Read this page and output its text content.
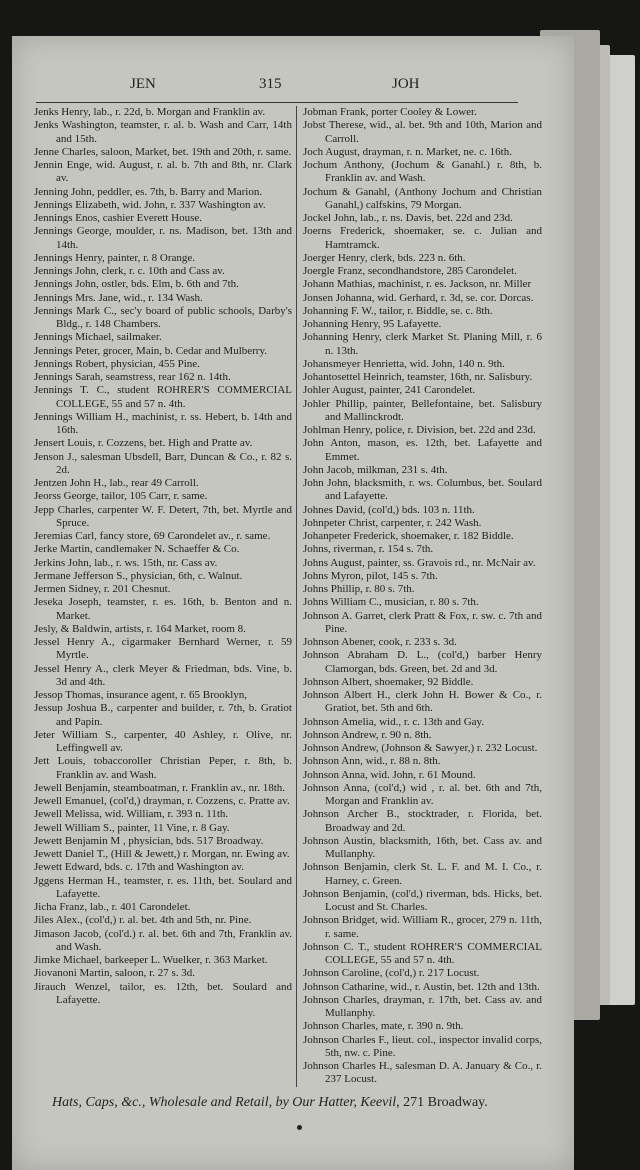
JEN	315	JOH
Jenks Henry, lab., r. 22d, b. Morgan and Franklin av.
Jenks Washington, teamster, r. al. b. Wash and Carr, 14th and 15th.
Jenne Charles, saloon, Market, bet. 19th and 20th, r. same.
Jennin Enge, wid. August, r. al. b. 7th and 8th, nr. Clark av.
Jenning John, peddler, es. 7th, b. Barry and Marion.
Jennings Elizabeth, wid. John, r. 337 Washington av.
Jennings Enos, cashier Everett House.
Jennings George, moulder, r. ns. Madison, bet. 13th and 14th.
Jennings Henry, painter, r. 8 Orange.
Jennings John, clerk, r. c. 10th and Cass av.
Jennings John, ostler, bds. Elm, b. 6th and 7th.
Jennings Mrs. Jane, wid., r. 134 Wash.
Jennings Mark C., sec'y board of public schools, Darby's Bldg., r. 148 Chambers.
Jennings Michael, sailmaker.
Jennings Peter, grocer, Main, b. Cedar and Mulberry.
Jennings Robert, physician, 455 Pine.
Jennings Sarah, seamstress, rear 162 n. 14th.
Jennings T. C., student ROHRER'S COMMERCIAL COLLEGE, 55 and 57 n. 4th.
Jennings William H., machinist, r. ss. Hebert, b. 14th and 16th.
Jensert Louis, r. Cozzens, bet. High and Pratte av.
Jenson J., salesman Ubsdell, Barr, Duncan & Co., r. 82 s. 2d.
Jentzen John H., lab., rear 49 Carroll.
Jeorss George, tailor, 105 Carr, r. same.
Jepp Charles, carpenter W. F. Detert, 7th, bet. Myrtle and Spruce.
Jeremias Carl, fancy store, 69 Carondelet av., r. same.
Jerke Martin, candlemaker N. Schaeffer & Co.
Jerkins John, lab., r. ws. 15th, nr. Cass av.
Jermane Jefferson S., physician, 6th, c. Walnut.
Jermen Sidney, r. 201 Chesnut.
Jeseka Joseph, teamster, r. es. 16th, b. Benton and n. Market.
Jesly, & Baldwin, artists, r. 164 Market, room 8.
Jessel Henry A., cigarmaker Bernhard Werner, r. 59 Myrtle.
Jessel Henry A., clerk Meyer & Friedman, bds. Vine, b. 3d and 4th.
Jessop Thomas, insurance agent, r. 65 Brooklyn,
Jessup Joshua B., carpenter and builder, r. 7th, b. Gratiot and Papin.
Jeter William S., carpenter, 40 Ashley, r. Olive, nr. Leffingwell av.
Jett Louis, tobaccoroller Christian Peper, r. 8th, b. Franklin av. and Wash.
Jewell Benjamin, steamboatman, r. Franklin av., nr. 18th.
Jewell Emanuel, (col'd,) drayman, r. Cozzens, c. Pratte av.
Jewell Melissa, wid. William, r. 393 n. 11th.
Jewell William S., painter, 11 Vine, r. 8 Gay.
Jewett Benjamin M , physician, bds. 517 Broadway.
Jewett Daniel T., (Hill & Jewett,) r. Morgan, nr. Ewing av.
Jewett Edward, bds. c. 17th and Washington av.
Jggens Herman H., teamster, r. es. 11th, bet. Soulard and Lafayette.
Jicha Franz, lab., r. 401 Carondelet.
Jiles Alex., (col'd,) r. al. bet. 4th and 5th, nr. Pine.
Jimason Jacob, (col'd.) r. al. bet. 6th and 7th, Franklin av. and Wash.
Jimke Michael, barkeeper L. Wuelker, r. 363 Market.
Jiovanoni Martin, saloon, r. 27 s. 3d.
Jirauch Wenzel, tailor, es. 12th, bet. Soulard and Lafayette.
Jobman Frank, porter Cooley & Lower.
Jobst Therese, wid., al. bet. 9th and 10th, Marion and Carroll.
Joch August, drayman, r. n. Market, ne. c. 16th.
Jochum Anthony, (Jochum & Ganahl.) r. 8th, b. Franklin av. and Wash.
Jochum & Ganahl, (Anthony Jochum and Christian Ganahl,) calfskins, 79 Morgan.
Jockel John, lab., r. ns. Davis, bet. 22d and 23d.
Joerns Frederick, shoemaker, se. c. Julian and Hamtramck.
Joerger Henry, clerk, bds. 223 n. 6th.
Joergle Franz, secondhandstore, 285 Carondelet.
Johann Mathias, machinist, r. es. Jackson, nr. Miller
Jonsen Johanna, wid. Gerhard, r. 3d, se. cor. Dorcas.
Johanning F. W., tailor, r. Biddle, se. c. 8th.
Johanning Henry, 95 Lafayette.
Johanning Henry, clerk Market St. Planing Mill, r. 6 n. 13th.
Johansmeyer Henrietta, wid. John, 140 n. 9th.
Johantosettel Heinrich, teamster, 16th, nr. Salisbury.
Johler August, painter, 241 Carondelet.
Johler Phillip, painter, Bellefontaine, bet. Salisbury and Mallinckrodt.
Johlman Henry, police, r. Division, bet. 22d and 23d.
John Anton, mason, es. 12th, bet. Lafayette and Emmet.
John Jacob, milkman, 231 s. 4th.
John John, blacksmith, r. ws. Columbus, bet. Soulard and Lafayette.
Johnes David, (col'd,) bds. 103 n. 11th.
Johnpeter Christ, carpenter, r. 242 Wash.
Johanpeter Frederick, shoemaker, r. 182 Biddle.
Johns, riverman, r. 154 s. 7th.
Johns August, painter, ss. Gravois rd., nr. McNair av.
Johns Myron, pilot, 145 s. 7th.
Johns Phillip, r. 80 s. 7th.
Johns William C., musician, r. 80 s. 7th.
Johnson A. Garret, clerk Pratt & Fox, r. sw. c. 7th and Pine.
Johnson Abener, cook, r. 233 s. 3d.
Johnson Abraham D. L., (col'd,) barber Henry Clamorgan, bds. Green, bet. 2d and 3d.
Johnson Albert, shoemaker, 92 Biddle.
Johnson Albert H., clerk John H. Bower & Co., r. Gratiot, bet. 5th and 6th.
Johnson Amelia, wid., r. c. 13th and Gay.
Johnson Andrew, r. 90 n. 8th.
Johnson Andrew, (Johnson & Sawyer,) r. 232 Locust.
Johnson Ann, wid., r. 88 n. 8th.
Johnson Anna, wid. John, r. 61 Mound.
Johnson Anna, (col'd,) wid , r. al. bet. 6th and 7th, Morgan and Franklin av.
Johnson Archer B., stocktrader, r. Florida, bet. Broadway and 2d.
Johnson Austin, blacksmith, 16th, bet. Cass av. and Mullanphy.
Johnson Benjamin, clerk St. L. F. and M. I. Co., r. Harney, c. Green.
Johnson Benjamin, (col'd,) riverman, bds. Hicks, bet. Locust and St. Charles.
Johnson Bridget, wid. William R., grocer, 279 n. 11th, r. same.
Johnson C. T., student ROHRER'S COMMERCIAL COLLEGE, 55 and 57 n. 4th.
Johnson Caroline, (col'd,) r. 217 Locust.
Johnson Catharine, wid., r. Austin, bet. 12th and 13th.
Johnson Charles, drayman, r. 17th, bet. Cass av. and Mullanphy.
Johnson Charles, mate, r. 390 n. 9th.
Johnson Charles F., lieut. col., inspector invalid corps, 5th, nw. c. Pine.
Johnson Charles H., salesman D. A. January & Co., r. 237 Locust.
Hats, Caps, &c., Wholesale and Retail, by Our Hatter, Keevil, 271 Broadway.
